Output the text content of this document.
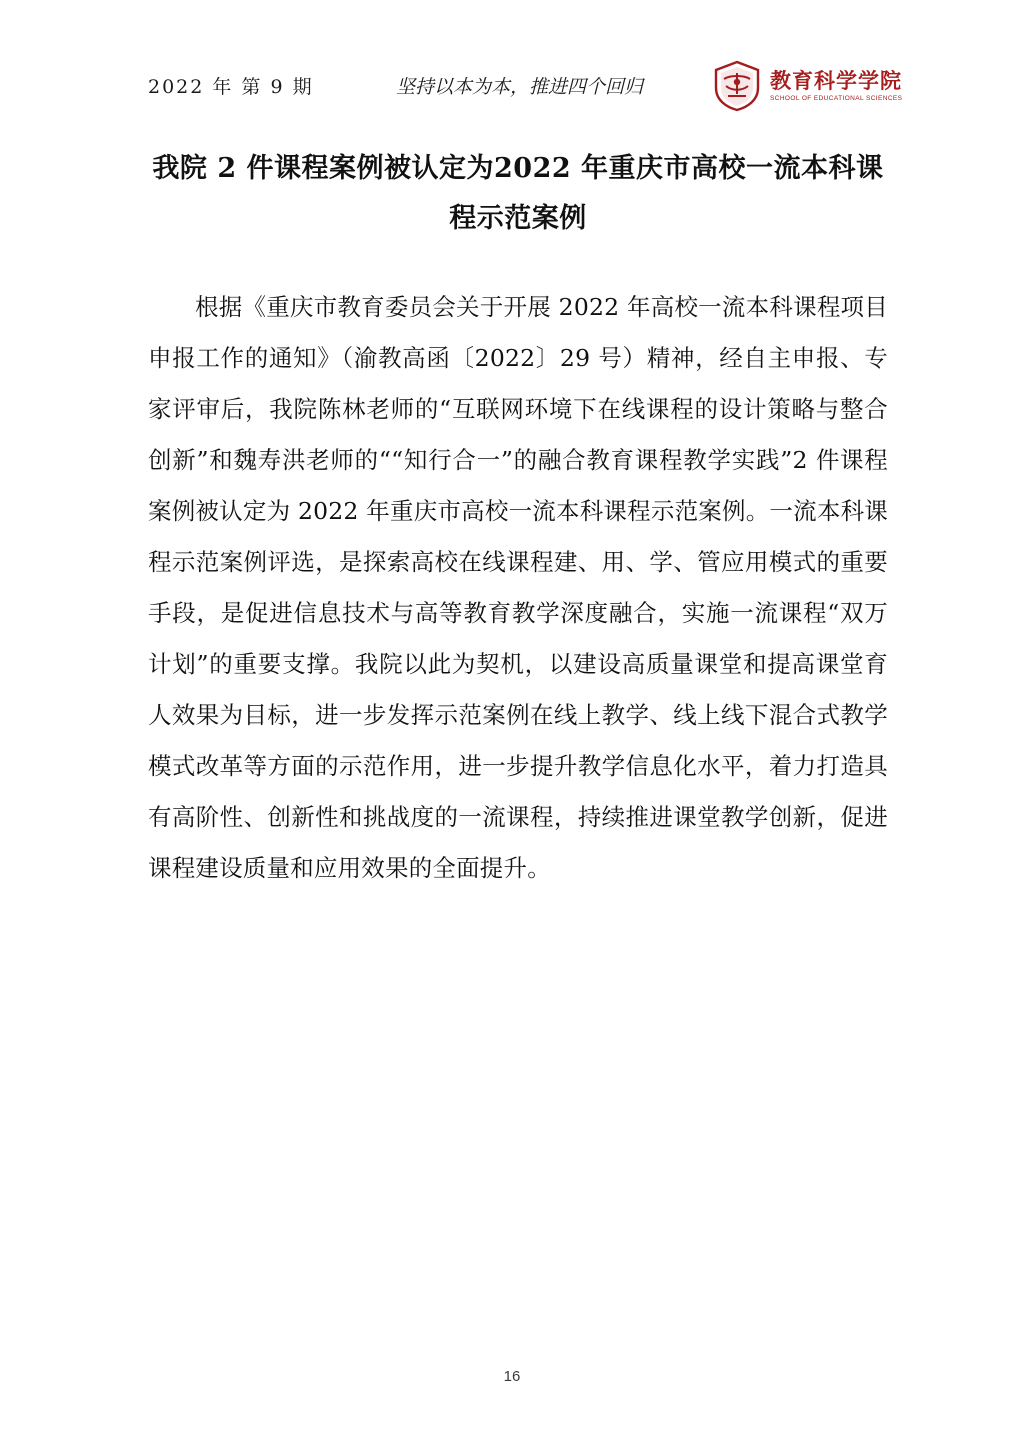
2022 年 第 9 期	坚持以本为本，推进四个回归	教育科学学院
SCHOOL OF EDUCATIONAL SCIENCES
我院 2 件课程案例被认定为2022 年重庆市高校一流本科课程示范案例

根据《重庆市教育委员会关于开展 2022 年高校一流本科课程项目申报工作的通知》（渝教高函〔2022〕29 号）精神，经自主申报、专家评审后，我院陈林老师的“互联网环境下在线课程的设计策略与整合创新”和魏寿洪老师的““知行合一”的融合教育课程教学实践”2 件课程案例被认定为 2022 年重庆市高校一流本科课程示范案例。一流本科课程示范案例评选，是探索高校在线课程建、用、学、管应用模式的重要手段，是促进信息技术与高等教育教学深度融合，实施一流课程“双万计划”的重要支撑。我院以此为契机，以建设高质量课堂和提高课堂育人效果为目标，进一步发挥示范案例在线上教学、线上线下混合式教学模式改革等方面的示范作用，进一步提升教学信息化水平，着力打造具有高阶性、创新性和挑战度的一流课程，持续推进课堂教学创新，促进课程建设质量和应用效果的全面提升。

16
